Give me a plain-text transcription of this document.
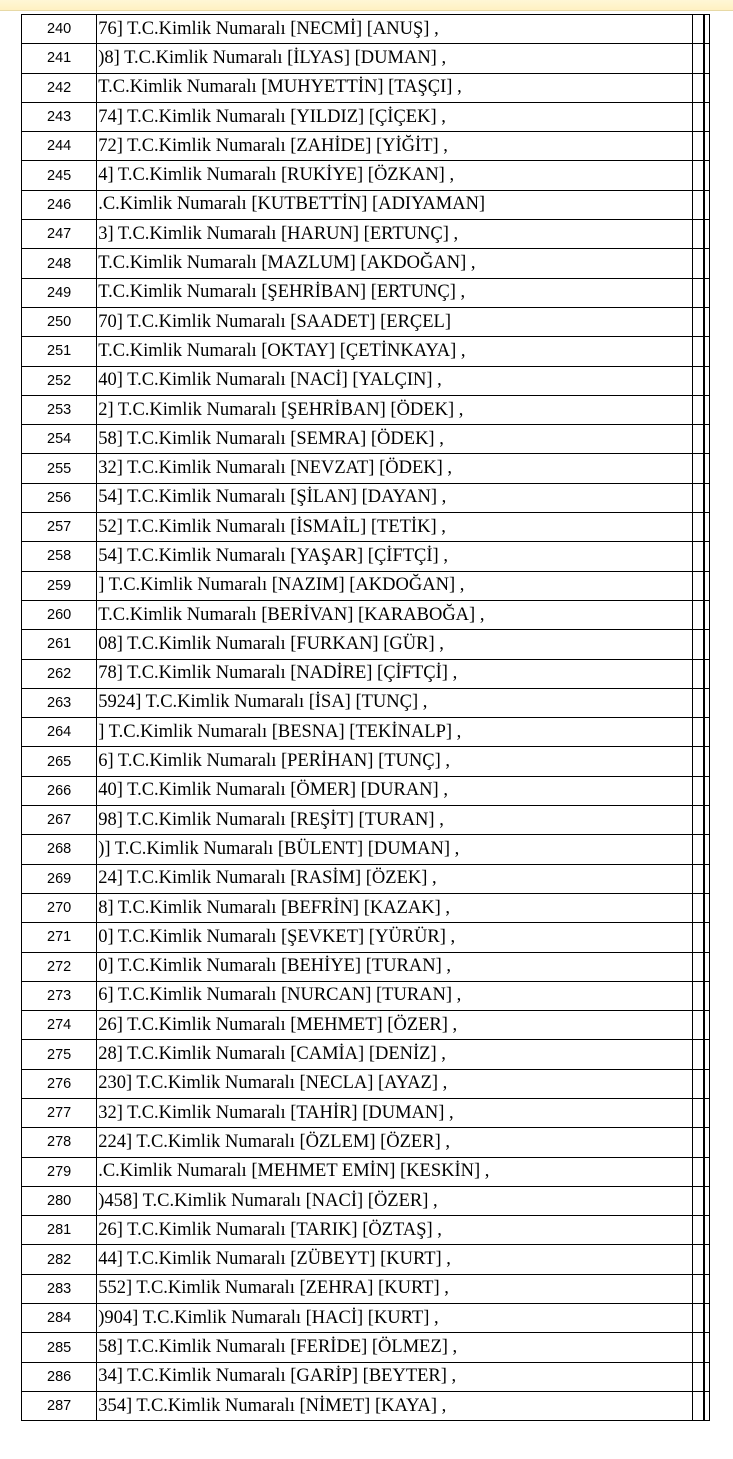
240	76] T.C.Kimlik Numaralı [NECMİ] [ANUŞ] ,		
241	)8] T.C.Kimlik Numaralı [İLYAS] [DUMAN] ,		
242	T.C.Kimlik Numaralı [MUHYETTİN] [TAŞÇI] ,		
243	74] T.C.Kimlik Numaralı [YILDIZ] [ÇİÇEK] ,		
244	72] T.C.Kimlik Numaralı [ZAHİDE] [YİĞİT] ,		
245	4] T.C.Kimlik Numaralı [RUKİYE] [ÖZKAN] ,		
246	.C.Kimlik Numaralı [KUTBETTİN] [ADIYAMAN]		
247	3] T.C.Kimlik Numaralı [HARUN] [ERTUNÇ] ,		
248	T.C.Kimlik Numaralı [MAZLUM] [AKDOĞAN] ,		
249	T.C.Kimlik Numaralı [ŞEHRİBAN] [ERTUNÇ] ,		
250	70] T.C.Kimlik Numaralı [SAADET] [ERÇEL]		
251	T.C.Kimlik Numaralı [OKTAY] [ÇETİNKAYA] ,		
252	40] T.C.Kimlik Numaralı [NACİ] [YALÇIN] ,		
253	2] T.C.Kimlik Numaralı [ŞEHRİBAN] [ÖDEK] ,		
254	58] T.C.Kimlik Numaralı [SEMRA] [ÖDEK] ,		
255	32] T.C.Kimlik Numaralı [NEVZAT] [ÖDEK] ,		
256	54] T.C.Kimlik Numaralı [ŞİLAN] [DAYAN] ,		
257	52] T.C.Kimlik Numaralı [İSMAİL] [TETİK] ,		
258	54] T.C.Kimlik Numaralı [YAŞAR] [ÇİFTÇİ] ,		
259	] T.C.Kimlik Numaralı [NAZIM] [AKDOĞAN] ,		
260	T.C.Kimlik Numaralı [BERİVAN] [KARABOĞA] ,		
261	08] T.C.Kimlik Numaralı [FURKAN] [GÜR] ,		
262	78] T.C.Kimlik Numaralı [NADİRE] [ÇİFTÇİ] ,		
263	5924] T.C.Kimlik Numaralı [İSA] [TUNÇ] ,		
264	] T.C.Kimlik Numaralı [BESNA] [TEKİNALP] ,		
265	6] T.C.Kimlik Numaralı [PERİHAN] [TUNÇ] ,		
266	40] T.C.Kimlik Numaralı [ÖMER] [DURAN] ,		
267	98] T.C.Kimlik Numaralı [REŞİT] [TURAN] ,		
268	)] T.C.Kimlik Numaralı [BÜLENT] [DUMAN] ,		
269	24] T.C.Kimlik Numaralı [RASİM] [ÖZEK] ,		
270	8] T.C.Kimlik Numaralı [BEFRİN] [KAZAK] ,		
271	0] T.C.Kimlik Numaralı [ŞEVKET] [YÜRÜR] ,		
272	0] T.C.Kimlik Numaralı [BEHİYE] [TURAN] ,		
273	6] T.C.Kimlik Numaralı [NURCAN] [TURAN] ,		
274	26] T.C.Kimlik Numaralı [MEHMET] [ÖZER] ,		
275	28] T.C.Kimlik Numaralı [CAMİA] [DENİZ] ,		
276	230] T.C.Kimlik Numaralı [NECLA] [AYAZ] ,		
277	32] T.C.Kimlik Numaralı [TAHİR] [DUMAN] ,		
278	224] T.C.Kimlik Numaralı [ÖZLEM] [ÖZER] ,		
279	.C.Kimlik Numaralı [MEHMET EMİN] [KESKİN] ,		
280	)458] T.C.Kimlik Numaralı [NACİ] [ÖZER] ,		
281	26] T.C.Kimlik Numaralı [TARIK] [ÖZTAŞ] ,		
282	44] T.C.Kimlik Numaralı [ZÜBEYT] [KURT] ,		
283	552] T.C.Kimlik Numaralı [ZEHRA] [KURT] ,		
284	)904] T.C.Kimlik Numaralı [HACİ] [KURT] ,		
285	58] T.C.Kimlik Numaralı [FERİDE] [ÖLMEZ] ,		
286	34] T.C.Kimlik Numaralı [GARİP] [BEYTER] ,		
287	354] T.C.Kimlik Numaralı [NİMET] [KAYA] ,		
